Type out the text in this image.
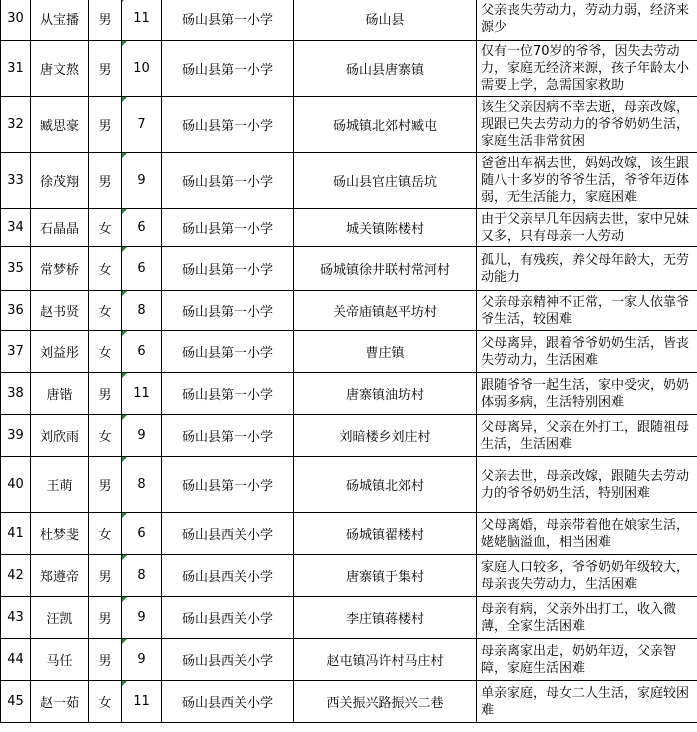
30	从宝播	男	11	砀山县第一小学	砀山县	父亲丧失劳动力，劳动力弱，经济来源少
31	唐文熬	男	10	砀山县第一小学	砀山县唐寨镇	仅有一位70岁的爷爷，因失去劳动力，家庭无经济来源，孩子年龄太小需要上学，急需国家救助
32	臧思豪	男	7	砀山县第一小学	砀城镇北郊村臧屯	该生父亲因病不幸去逝，母亲改嫁，现跟已失去劳动力的爷爷奶奶生活，家庭生活非常贫困
33	徐茂翔	男	9	砀山县第一小学	砀山县官庄镇岳坑	爸爸出车祸去世，妈妈改嫁，该生跟随八十多岁的爷爷生活，爷爷年迈体弱，无生活能力，家庭困难
34	石晶晶	女	6	砀山县第一小学	城关镇陈楼村	由于父亲早几年因病去世，家中兄妹又多，只有母亲一人劳动
35	常梦桥	女	6	砀山县第一小学	砀城镇徐井联村常河村	孤儿，有残疾，养父母年龄大，无劳动能力
36	赵书贤	女	8	砀山县第一小学	关帝庙镇赵平坊村	父亲母亲精神不正常，一家人依靠爷爷生活，较困难
37	刘益彤	女	6	砀山县第一小学	曹庄镇	父母离异，跟着爷爷奶奶生活，皆丧失劳动力，生活困难
38	唐锴	男	11	砀山县第一小学	唐寨镇油坊村	跟随爷爷一起生活，家中受灾，奶奶体弱多病，生活特别困难
39	刘欣雨	女	9	砀山县第一小学	刘暗楼乡刘庄村	父母离异，父亲在外打工，跟随祖母生活，生活困难
40	王萌	男	8	砀山县第一小学	砀城镇北郊村	父亲去世，母亲改嫁，跟随失去劳动力的爷爷奶奶生活，特别困难
41	杜梦斐	女	6	砀山县西关小学	砀城镇翟楼村	父母离婚，母亲带着他在娘家生活，姥姥脑溢血，相当困难
42	郑遵帝	男	8	砀山县西关小学	唐寨镇于集村	家庭人口较多，爷爷奶奶年级较大，母亲丧失劳动力，生活困难
43	汪凯	男	9	砀山县西关小学	李庄镇蒋楼村	母亲有病，父亲外出打工，收入微薄，全家生活困难
44	马任	男	9	砀山县西关小学	赵屯镇冯许村马庄村	母亲离家出走，奶奶年迈，父亲智障，家庭生活困难
45	赵一茹	女	11	砀山县西关小学	西关振兴路振兴二巷	单亲家庭，母女二人生活，家庭较困难
